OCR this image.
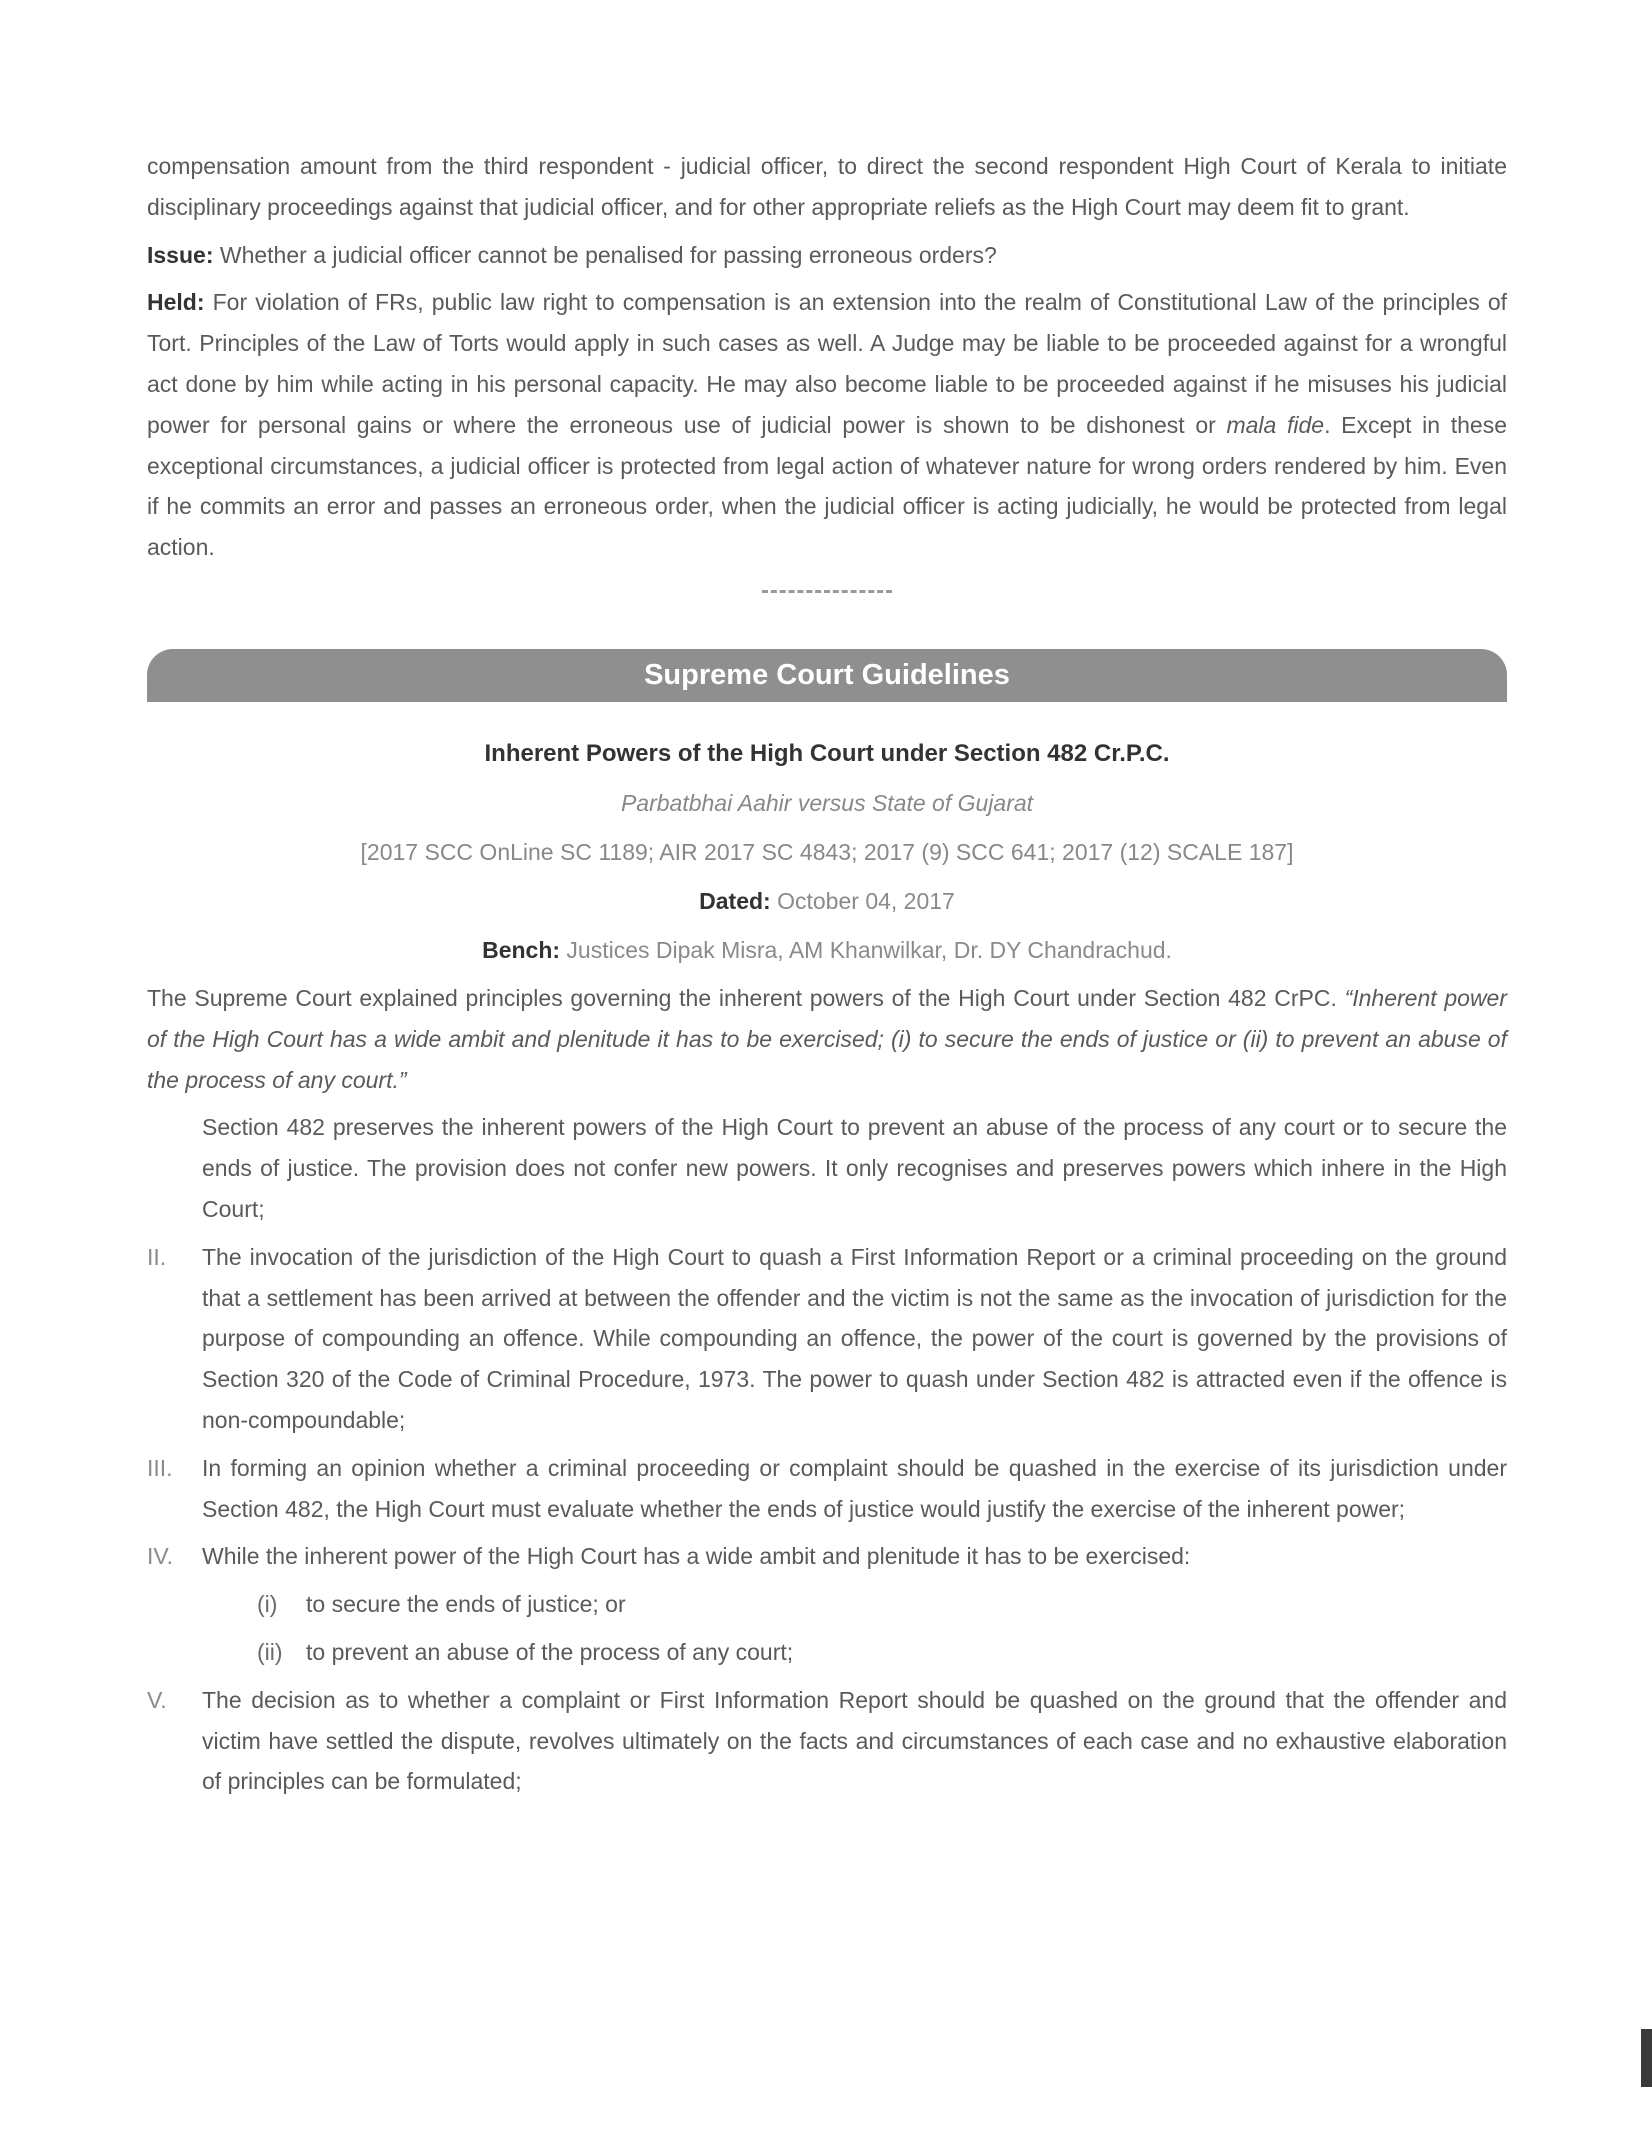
compensation amount from the third respondent - judicial officer, to direct the second respondent High Court of Kerala to initiate disciplinary proceedings against that judicial officer, and for other appropriate reliefs as the High Court may deem fit to grant.

Issue: Whether a judicial officer cannot be penalised for passing erroneous orders?

Held: For violation of FRs, public law right to compensation is an extension into the realm of Constitutional Law of the principles of Tort. Principles of the Law of Torts would apply in such cases as well. A Judge may be liable to be proceeded against for a wrongful act done by him while acting in his personal capacity. He may also become liable to be proceeded against if he misuses his judicial power for personal gains or where the erroneous use of judicial power is shown to be dishonest or mala fide. Except in these exceptional circumstances, a judicial officer is protected from legal action of whatever nature for wrong orders rendered by him. Even if he commits an error and passes an erroneous order, when the judicial officer is acting judicially, he would be protected from legal action.

Supreme Court Guidelines

Inherent Powers of the High Court under Section 482 Cr.P.C.

Parbatbhai Aahir versus State of Gujarat

[2017 SCC OnLine SC 1189; AIR 2017 SC 4843; 2017 (9) SCC 641; 2017 (12) SCALE 187]

Dated: October 04, 2017

Bench: Justices Dipak Misra, AM Khanwilkar, Dr. DY Chandrachud.

The Supreme Court explained principles governing the inherent powers of the High Court under Section 482 CrPC. “Inherent power of the High Court has a wide ambit and plenitude it has to be exercised; (i) to secure the ends of justice or (ii) to prevent an abuse of the process of any court.”

Section 482 preserves the inherent powers of the High Court to prevent an abuse of the process of any court or to secure the ends of justice. The provision does not confer new powers. It only recognises and preserves powers which inhere in the High Court;
II. The invocation of the jurisdiction of the High Court to quash a First Information Report or a criminal proceeding on the ground that a settlement has been arrived at between the offender and the victim is not the same as the invocation of jurisdiction for the purpose of compounding an offence. While compounding an offence, the power of the court is governed by the provisions of Section 320 of the Code of Criminal Procedure, 1973. The power to quash under Section 482 is attracted even if the offence is non-compoundable;
III. In forming an opinion whether a criminal proceeding or complaint should be quashed in the exercise of its jurisdiction under Section 482, the High Court must evaluate whether the ends of justice would justify the exercise of the inherent power;
IV. While the inherent power of the High Court has a wide ambit and plenitude it has to be exercised:
(i) to secure the ends of justice; or
(ii) to prevent an abuse of the process of any court;
V. The decision as to whether a complaint or First Information Report should be quashed on the ground that the offender and victim have settled the dispute, revolves ultimately on the facts and circumstances of each case and no exhaustive elaboration of principles can be formulated;
